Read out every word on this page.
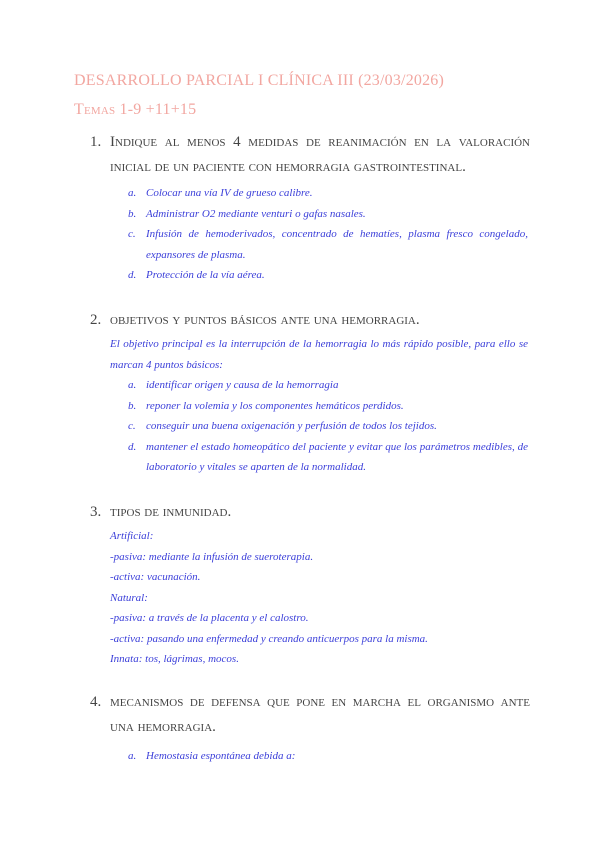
DESARROLLO PARCIAL I CLÍNICA III (23/03/2026)
Temas 1-9 +11+15
1. Indique al menos 4 medidas de reanimación en la valoración inicial de un paciente con hemorragia gastrointestinal.
a. Colocar una vía IV de grueso calibre.
b. Administrar O2 mediante venturi o gafas nasales.
c. Infusión de hemoderivados, concentrado de hematíes, plasma fresco congelado, expansores de plasma.
d. Protección de la vía aérea.
2. objetivos y puntos básicos ante una hemorragia.
El objetivo principal es la interrupción de la hemorragia lo más rápido posible, para ello se marcan 4 puntos básicos:
a. identificar origen y causa de la hemorragia
b. reponer la volemia y los componentes hemáticos perdidos.
c. conseguir una buena oxigenación y perfusión de todos los tejidos.
d. mantener el estado homeopático del paciente y evitar que los parámetros medibles, de laboratorio y vitales se aparten de la normalidad.
3. tipos de inmunidad.
Artificial:
-pasiva: mediante la infusión de sueroterapia.
-activa: vacunación.
Natural:
-pasiva: a través de la placenta y el calostro.
-activa: pasando una enfermedad y creando anticuerpos para la misma.
Innata: tos, lágrimas, mocos.
4. mecanismos de defensa que pone en marcha el organismo ante una hemorragia.
a. Hemostasia espontánea debida a:
